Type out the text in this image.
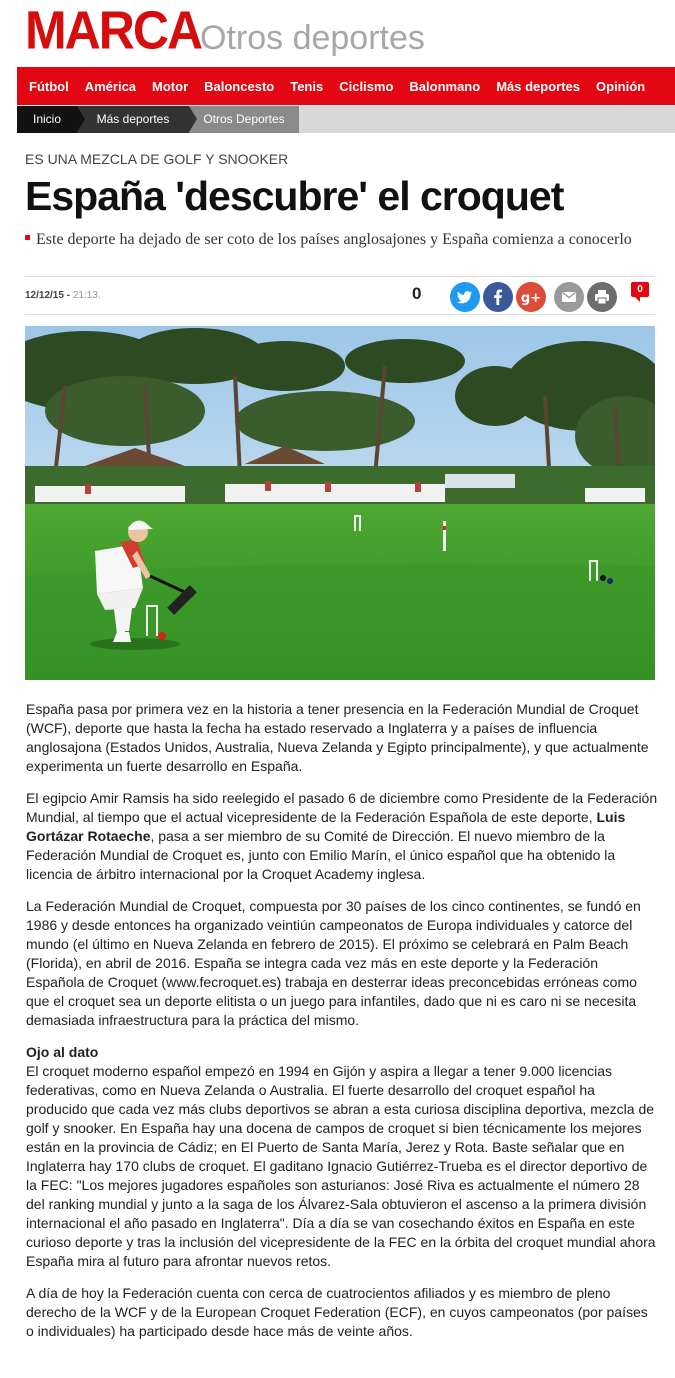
MARCA
Otros deportes
Fútbol	América	Motor	Baloncesto	Tenis	Ciclismo	Balonmano	Más deportes	Opinión
Otros Deportes
Más deportes
Inicio
ES UNA MEZCLA DE GOLF Y SNOOKER
España 'descubre' el croquet
Este deporte ha dejado de ser coto de los países anglosajones y España comienza a conocerlo
12/12/15 - 21:13.	0	g+
0

España pasa por primera vez en la historia a tener presencia en la Federación Mundial de Croquet (WCF), deporte que hasta la fecha ha estado reservado a Inglaterra y a países de influencia anglosajona (Estados Unidos, Australia, Nueva Zelanda y Egipto principalmente), y que actualmente experimenta un fuerte desarrollo en España.

El egipcio Amir Ramsis ha sido reelegido el pasado 6 de diciembre como Presidente de la Federación Mundial, al tiempo que el actual vicepresidente de la Federación Española de este deporte, Luis Gortázar Rotaeche, pasa a ser miembro de su Comité de Dirección. El nuevo miembro de la Federación Mundial de Croquet es, junto con Emilio Marín, el único español que ha obtenido la licencia de árbitro internacional por la Croquet Academy inglesa.

La Federación Mundial de Croquet, compuesta por 30 países de los cinco continentes, se fundó en 1986 y desde entonces ha organizado veintiún campeonatos de Europa individuales y catorce del mundo (el último en Nueva Zelanda en febrero de 2015). El próximo se celebrará en Palm Beach (Florida), en abril de 2016. España se integra cada vez más en este deporte y la Federación Española de Croquet (www.fecroquet.es) trabaja en desterrar ideas preconcebidas erróneas como que el croquet sea un deporte elitista o un juego para infantiles, dado que ni es caro ni se necesita demasiada infraestructura para la práctica del mismo.

Ojo al dato

El croquet moderno español empezó en 1994 en Gijón y aspira a llegar a tener 9.000 licencias federativas, como en Nueva Zelanda o Australia. El fuerte desarrollo del croquet español ha producido que cada vez más clubs deportivos se abran a esta curiosa disciplina deportiva, mezcla de golf y snooker. En España hay una docena de campos de croquet si bien técnicamente los mejores están en la provincia de Cádiz; en El Puerto de Santa María, Jerez y Rota. Baste señalar que en Inglaterra hay 170 clubs de croquet. El gaditano Ignacio Gutiérrez-Trueba es el director deportivo de la FEC: "Los mejores jugadores españoles son asturianos: José Riva es actualmente el número 28 del ranking mundial y junto a la saga de los Álvarez-Sala obtuvieron el ascenso a la primera división internacional el año pasado en Inglaterra". Día a día se van cosechando éxitos en España en este curioso deporte y tras la inclusión del vicepresidente de la FEC en la órbita del croquet mundial ahora España mira al futuro para afrontar nuevos retos.

A día de hoy la Federación cuenta con cerca de cuatrocientos afiliados y es miembro de pleno derecho de la WCF y de la European Croquet Federation (ECF), en cuyos campeonatos (por países o individuales) ha participado desde hace más de veinte años.
